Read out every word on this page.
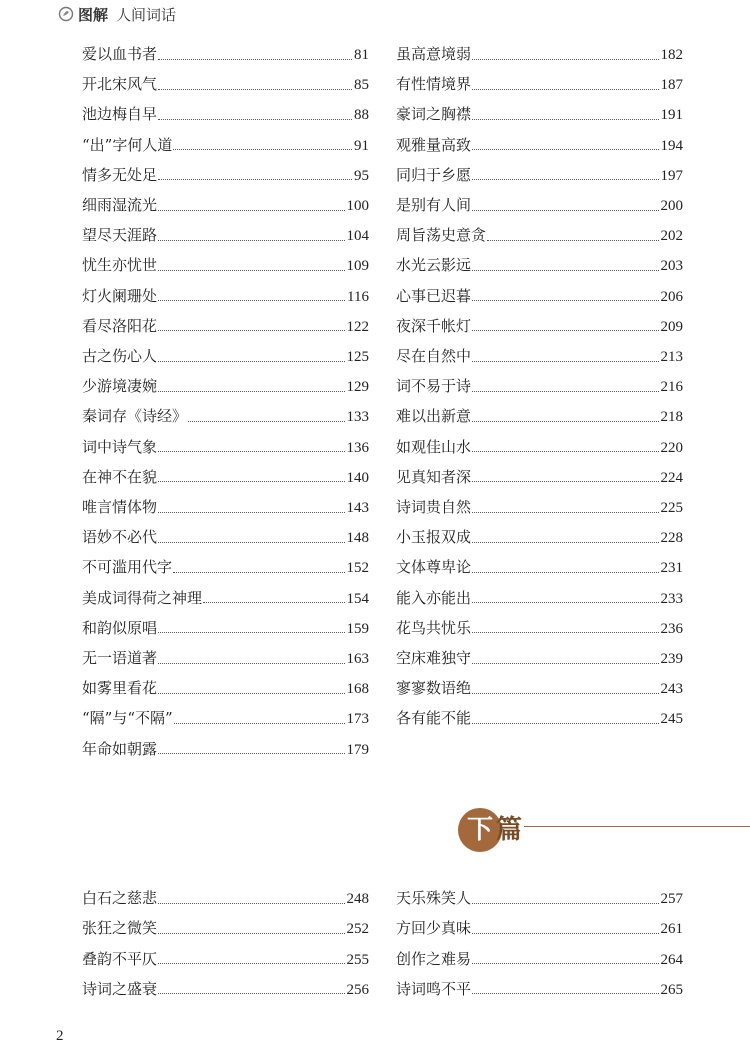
图解 人间词话
爱以血书者	81
开北宋风气	85
池边梅自早	88
“出”字何人道	91
情多无处足	95
细雨湿流光	100
望尽天涯路	104
忧生亦忧世	109
灯火阑珊处	116
看尽洛阳花	122
古之伤心人	125
少游境凄婉	129
秦词存《诗经》	133
词中诗气象	136
在神不在貌	140
唯言情体物	143
语妙不必代	148
不可滥用代字	152
美成词得荷之神理	154
和韵似原唱	159
无一语道著	163
如雾里看花	168
“隔”与“不隔”	173
年命如朝露	179
虽高意境弱	182
有性情境界	187
豪词之胸襟	191
观雅量高致	194
同归于乡愿	197
是别有人间	200
周旨荡史意贪	202
水光云影远	203
心事已迟暮	206
夜深千帐灯	209
尽在自然中	213
词不易于诗	216
难以出新意	218
如观佳山水	220
见真知者深	224
诗词贵自然	225
小玉报双成	228
文体尊卑论	231
能入亦能出	233
花鸟共忧乐	236
空床难独守	239
寥寥数语绝	243
各有能不能	245
下 篇
白石之慈悲	248
张狂之微笑	252
叠韵不平仄	255
诗词之盛衰	256
天乐殊笑人	257
方回少真味	261
创作之难易	264
诗词鸣不平	265
2
